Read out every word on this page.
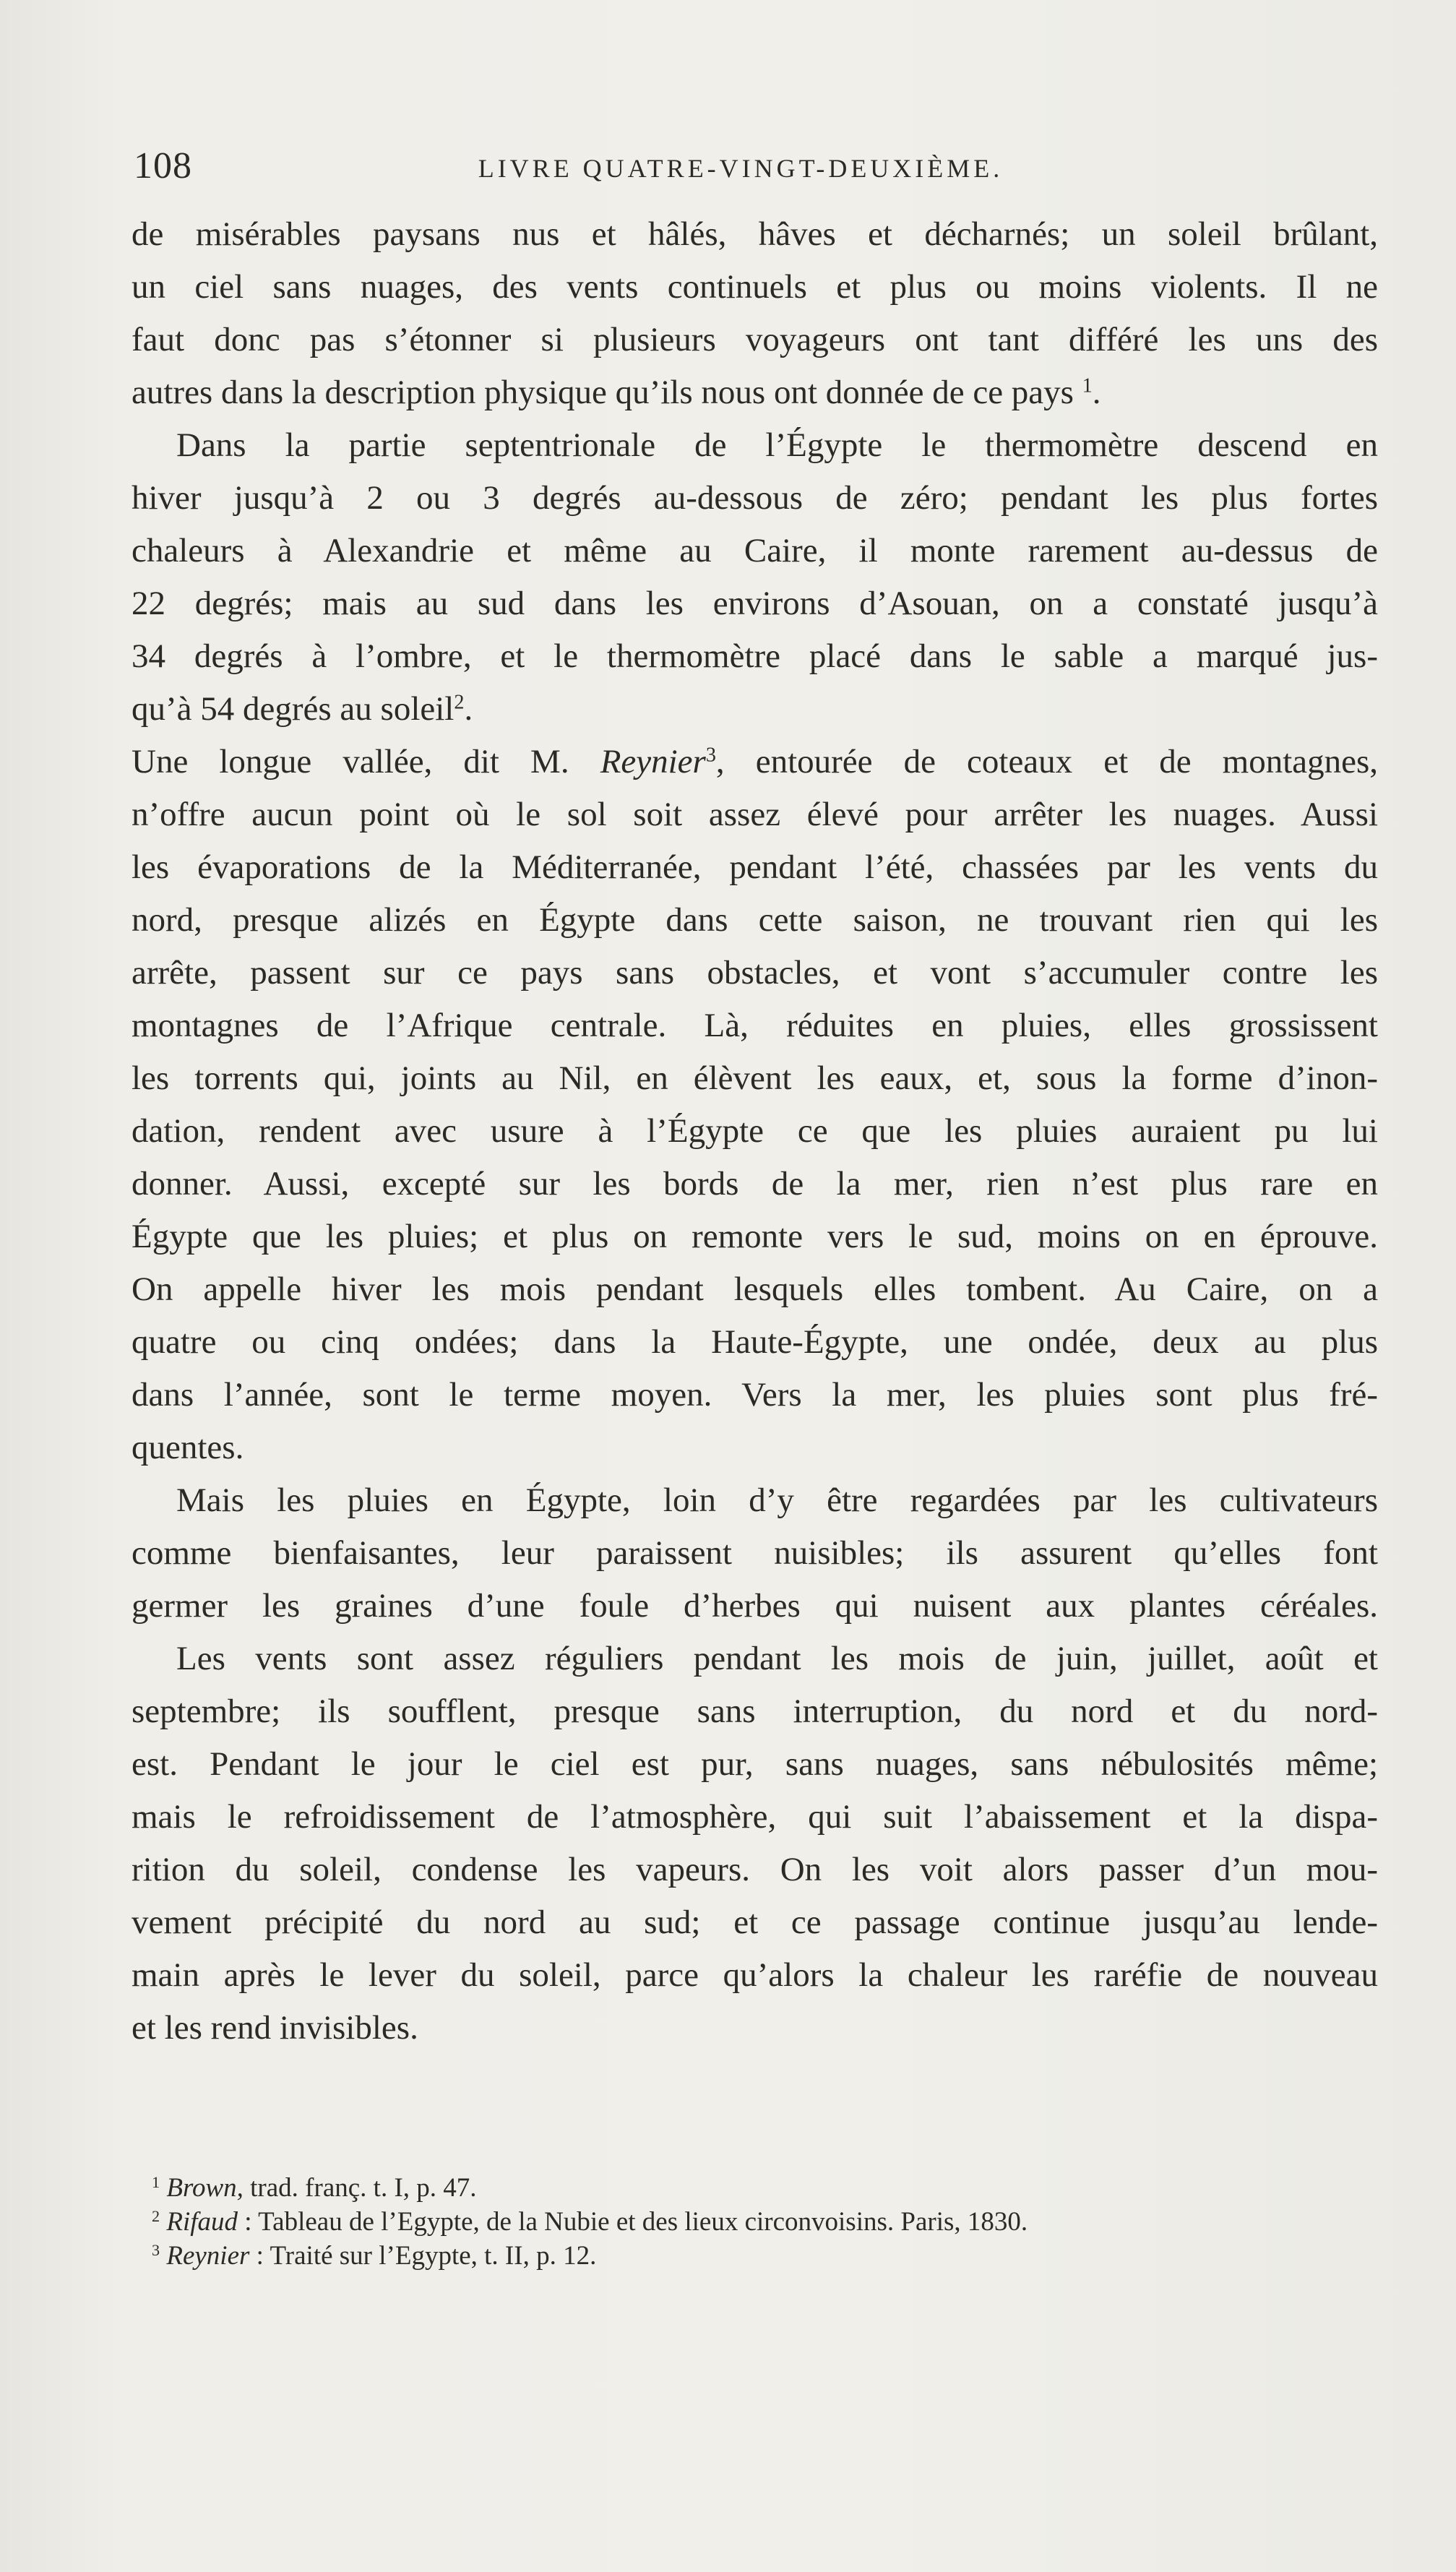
108	LIVRE QUATRE-VINGT-DEUXIÈME.
de misérables paysans nus et hâlés, hâves et décharnés; un soleil brûlant,
un ciel sans nuages, des vents continuels et plus ou moins violents. Il ne
faut donc pas s’étonner si plusieurs voyageurs ont tant différé les uns des
autres dans la description physique qu’ils nous ont donnée de ce pays $^1$.
Dans la partie septentrionale de l’Égypte le thermomètre descend en
hiver jusqu’à 2 ou 3 degrés au-dessous de zéro; pendant les plus fortes
chaleurs à Alexandrie et même au Caire, il monte rarement au-dessus de
22 degrés; mais au sud dans les environs d’Asouan, on a constaté jusqu’à
34 degrés à l’ombre, et le thermomètre placé dans le sable a marqué jus-
qu’à 54 degrés au soleil$^2$.
Une longue vallée, dit M. Reynier$^3$, entourée de coteaux et de montagnes,
n’offre aucun point où le sol soit assez élevé pour arrêter les nuages. Aussi
les évaporations de la Méditerranée, pendant l’été, chassées par les vents du
nord, presque alizés en Égypte dans cette saison, ne trouvant rien qui les
arrête, passent sur ce pays sans obstacles, et vont s’accumuler contre les
montagnes de l’Afrique centrale. Là, réduites en pluies, elles grossissent
les torrents qui, joints au Nil, en élèvent les eaux, et, sous la forme d’inon-
dation, rendent avec usure à l’Égypte ce que les pluies auraient pu lui
donner. Aussi, excepté sur les bords de la mer, rien n’est plus rare en
Égypte que les pluies; et plus on remonte vers le sud, moins on en éprouve.
On appelle hiver les mois pendant lesquels elles tombent. Au Caire, on a
quatre ou cinq ondées; dans la Haute-Égypte, une ondée, deux au plus
dans l’année, sont le terme moyen. Vers la mer, les pluies sont plus fré-
quentes.
Mais les pluies en Égypte, loin d’y être regardées par les cultivateurs
comme bienfaisantes, leur paraissent nuisibles; ils assurent qu’elles font
germer les graines d’une foule d’herbes qui nuisent aux plantes céréales.
Les vents sont assez réguliers pendant les mois de juin, juillet, août et
septembre; ils soufflent, presque sans interruption, du nord et du nord-
est. Pendant le jour le ciel est pur, sans nuages, sans nébulosités même;
mais le refroidissement de l’atmosphère, qui suit l’abaissement et la dispa-
rition du soleil, condense les vapeurs. On les voit alors passer d’un mou-
vement précipité du nord au sud; et ce passage continue jusqu’au lende-
main après le lever du soleil, parce qu’alors la chaleur les raréfie de nouveau
et les rend invisibles.
$^1$ Brown, trad. franç. t. I, p. 47.
$^2$ Rifaud : Tableau de l’Egypte, de la Nubie et des lieux circonvoisins. Paris, 1830.
$^3$ Reynier : Traité sur l’Egypte, t. II, p. 12.
